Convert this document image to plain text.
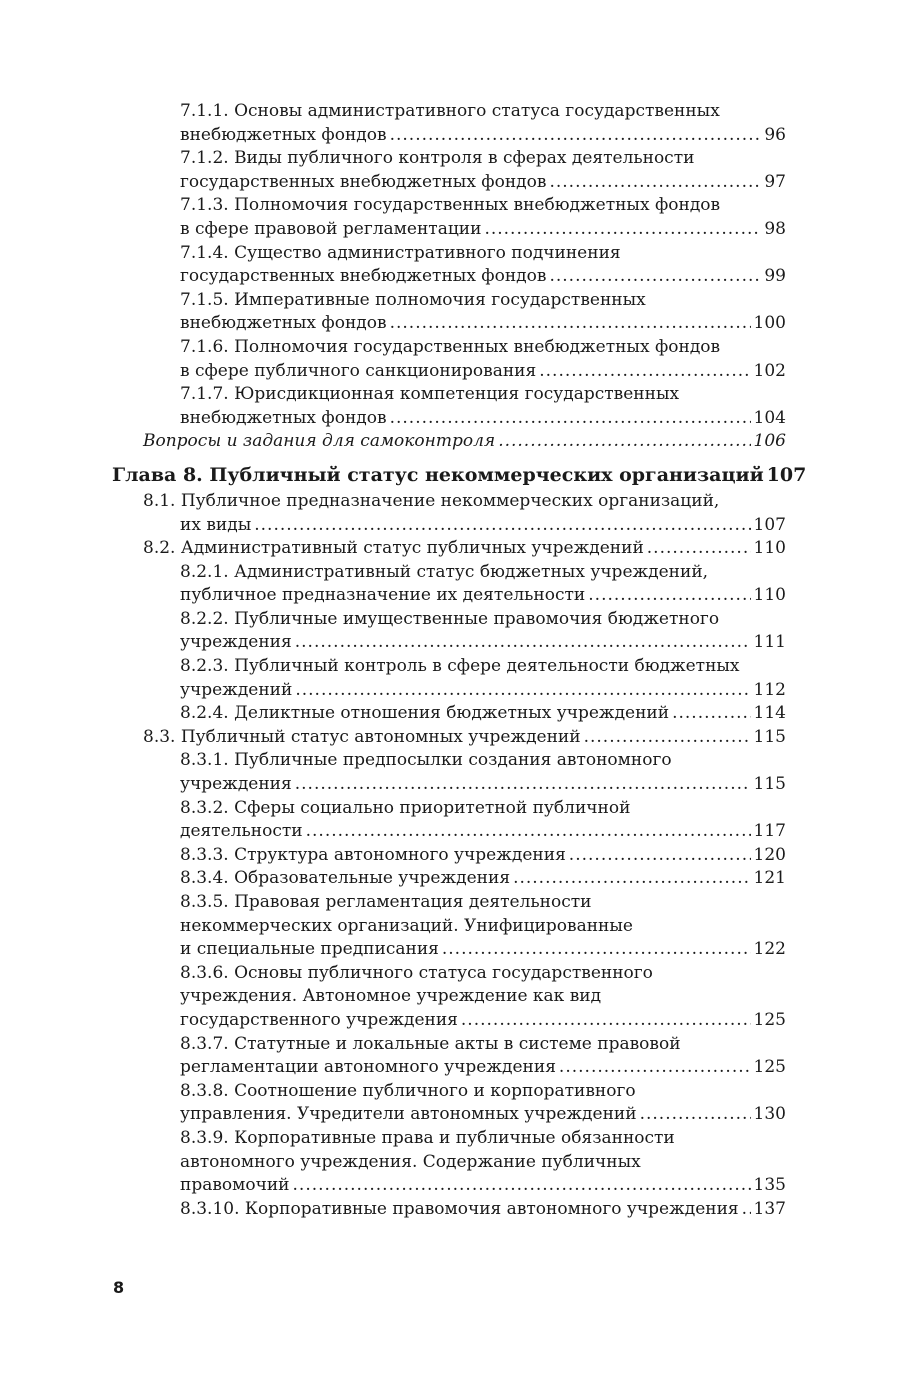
7.1.1. Основы административного статуса государственных
внебюджетных фондов .....	96
7.1.2. Виды публичного контроля в сферах деятельности
государственных внебюджетных фондов .....	97
7.1.3. Полномочия государственных внебюджетных фондов
в сфере правовой регламентации .....	98
7.1.4. Существо административного подчинения
государственных внебюджетных фондов .....	99
7.1.5. Императивные полномочия государственных
внебюджетных фондов .....	100
7.1.6. Полномочия государственных внебюджетных фондов
в сфере публичного санкционирования .....	102
7.1.7. Юрисдикционная компетенция государственных
внебюджетных фондов .....	104
Вопросы и задания для самоконтроля .....	106
Глава 8. Публичный статус некоммерческих организаций 107
8.1. Публичное предназначение некоммерческих организаций,
их виды .....	107
8.2. Административный статус публичных учреждений .....	110
8.2.1. Административный статус бюджетных учреждений,
публичное предназначение их деятельности .....	110
8.2.2. Публичные имущественные правомочия бюджетного
учреждения .....	111
8.2.3. Публичный контроль в сфере деятельности бюджетных
учреждений .....	112
8.2.4. Деликтные отношения бюджетных учреждений .....	114
8.3. Публичный статус автономных учреждений .....	115
8.3.1. Публичные предпосылки создания автономного
учреждения .....	115
8.3.2. Сферы социально приоритетной публичной
деятельности .....	117
8.3.3. Структура автономного учреждения .....	120
8.3.4. Образовательные учреждения .....	121
8.3.5. Правовая регламентация деятельности
некоммерческих организаций. Унифицированные
и специальные предписания .....	122
8.3.6. Основы публичного статуса государственного
учреждения. Автономное учреждение как вид
государственного учреждения .....	125
8.3.7. Статутные и локальные акты в системе правовой
регламентации автономного учреждения .....	125
8.3.8. Соотношение публичного и корпоративного
управления. Учредители автономных учреждений .....	130
8.3.9. Корпоративные права и публичные обязанности
автономного учреждения. Содержание публичных
правомочий .....	135
8.3.10. Корпоративные правомочия автономного учреждения ..... 137
8
